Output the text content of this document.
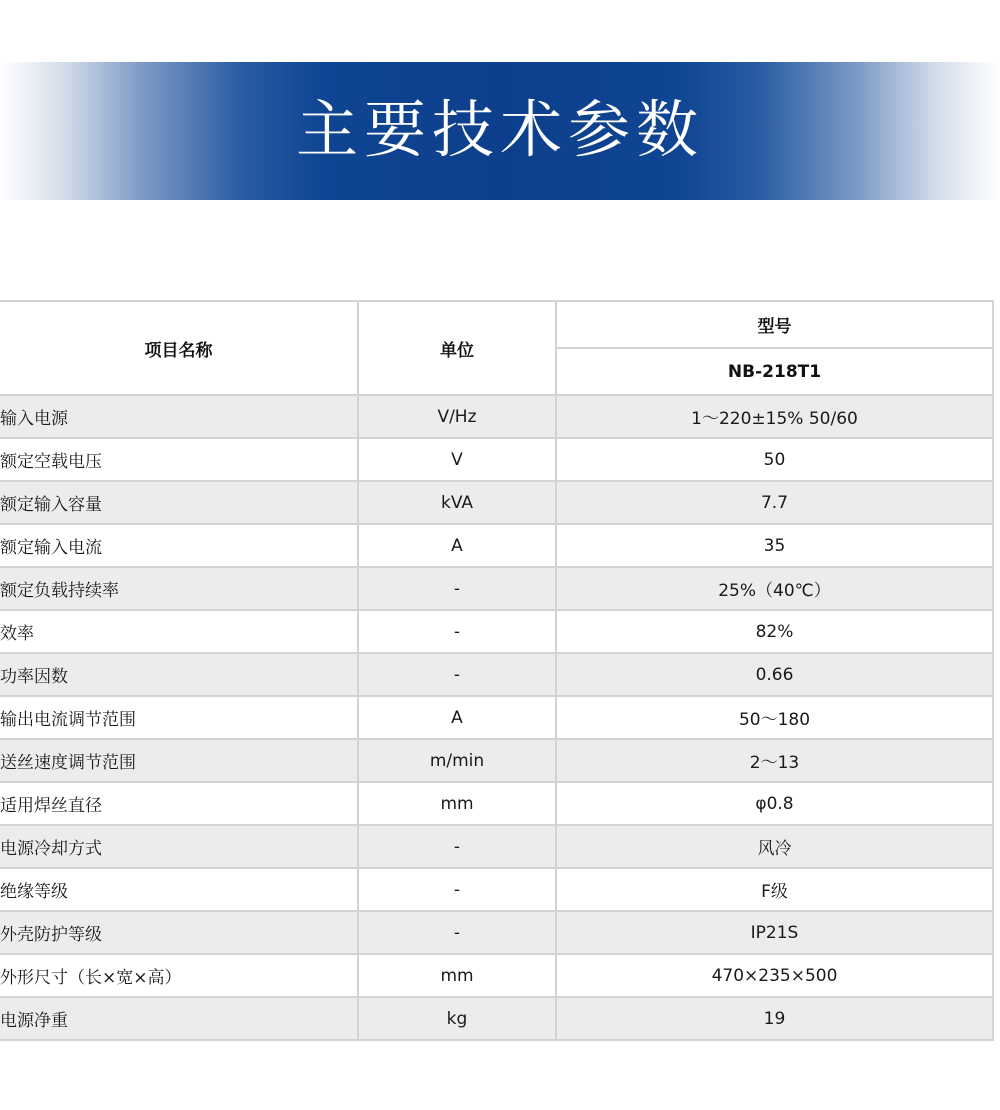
主要技术参数
项目名称	单位	型号
		NB-218T1
输入电源	V/Hz	1～220±15% 50/60
额定空载电压	V	50
额定输入容量	kVA	7.7
额定输入电流	A	35
额定负载持续率	-	25%（40℃）
效率	-	82%
功率因数	-	0.66
输出电流调节范围	A	50～180
送丝速度调节范围	m/min	2～13
适用焊丝直径	mm	φ0.8
电源冷却方式	-	风冷
绝缘等级	-	F级
外壳防护等级	-	IP21S
外形尺寸（长×宽×高）	mm	470×235×500
电源净重	kg	19
